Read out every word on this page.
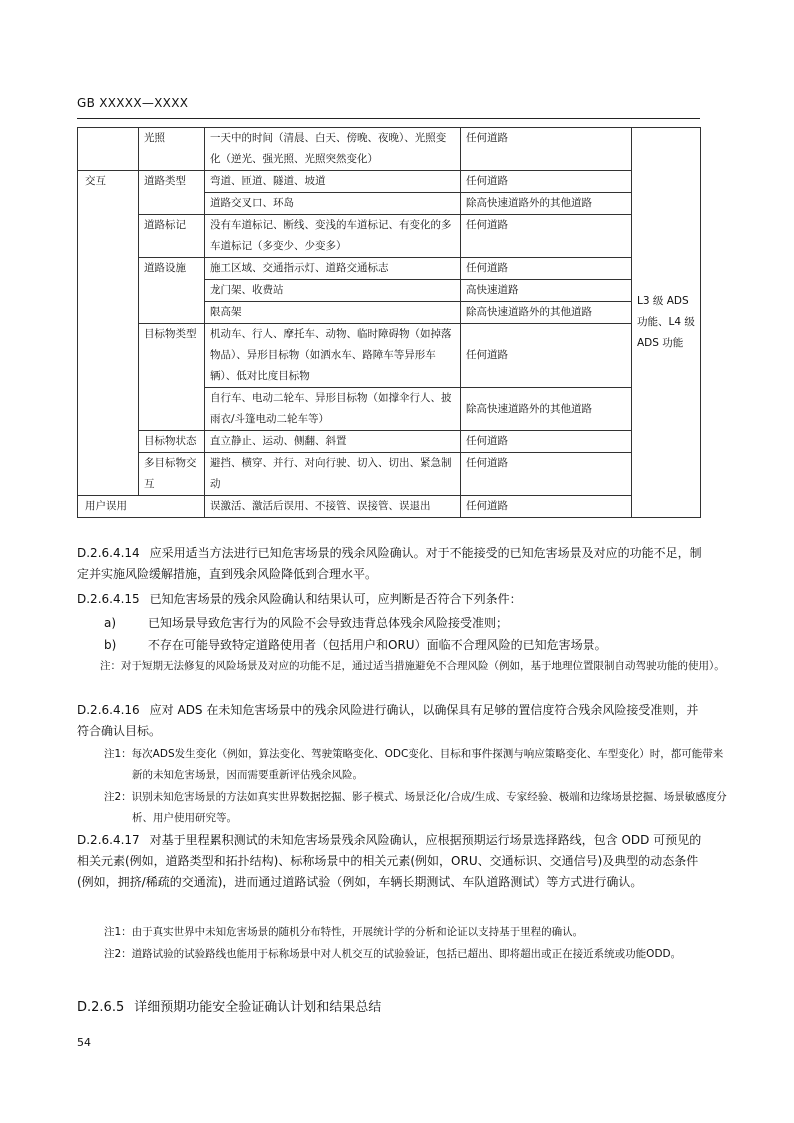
GB XXXXX—XXXX
	光照	一天中的时间（清晨、白天、傍晚、夜晚）、光照变化（逆光、强光照、光照突然变化）	任何道路	L3 级 ADS 功能、L4 级 ADS 功能
交互	道路类型	弯道、匝道、隧道、坡道	任何道路	
		道路交叉口、环岛	除高快速道路外的其他道路	
	道路标记	没有车道标记、断线、变浅的车道标记、有变化的多车道标记（多变少、少变多）	任何道路	
	道路设施	施工区域、交通指示灯、道路交通标志	任何道路	
		龙门架、收费站	高快速道路	
		限高架	除高快速道路外的其他道路	
	目标物类型	机动车、行人、摩托车、动物、临时障碍物（如掉落物品）、异形目标物（如洒水车、路障车等异形车辆）、低对比度目标物	任何道路	
		自行车、电动二轮车、异形目标物（如撑伞行人、披雨衣/斗篷电动二轮车等）	除高快速道路外的其他道路	
	目标物状态	直立静止、运动、侧翻、斜置	任何道路	
	多目标物交互	避挡、横穿、并行、对向行驶、切入、切出、紧急制动	任何道路	
用户误用		误激活、激活后误用、不接管、误接管、误退出	任何道路	
D.2.6.4.14 应采用适当方法进行已知危害场景的残余风险确认。对于不能接受的已知危害场景及对应的功能不足，制定并实施风险缓解措施，直到残余风险降低到合理水平。
D.2.6.4.15 已知危害场景的残余风险确认和结果认可，应判断是否符合下列条件：
a)	已知场景导致危害行为的风险不会导致违背总体残余风险接受准则；
b)	不存在可能导致特定道路使用者（包括用户和ORU）面临不合理风险的已知危害场景。
注：对于短期无法修复的风险场景及对应的功能不足，通过适当措施避免不合理风险（例如，基于地理位置限制自动驾驶功能的使用）。
D.2.6.4.16 应对 ADS 在未知危害场景中的残余风险进行确认，以确保具有足够的置信度符合残余风险接受准则，并符合确认目标。
注1：每次ADS发生变化（例如，算法变化、驾驶策略变化、ODC变化、目标和事件探测与响应策略变化、车型变化）时，都可能带来新的未知危害场景，因而需要重新评估残余风险。
注2：识别未知危害场景的方法如真实世界数据挖掘、影子模式、场景泛化/合成/生成、专家经验、极端和边缘场景挖掘、场景敏感度分析、用户使用研究等。
D.2.6.4.17 对基于里程累积测试的未知危害场景残余风险确认，应根据预期运行场景选择路线，包含 ODD 可预见的相关元素(例如，道路类型和拓扑结构)、标称场景中的相关元素(例如，ORU、交通标识、交通信号)及典型的动态条件(例如，拥挤/稀疏的交通流)，进而通过道路试验（例如，车辆长期测试、车队道路测试）等方式进行确认。
注1：由于真实世界中未知危害场景的随机分布特性，开展统计学的分析和论证以支持基于里程的确认。
注2：道路试验的试验路线也能用于标称场景中对人机交互的试验验证，包括已超出、即将超出或正在接近系统或功能ODD。
D.2.6.5 详细预期功能安全验证确认计划和结果总结
54
